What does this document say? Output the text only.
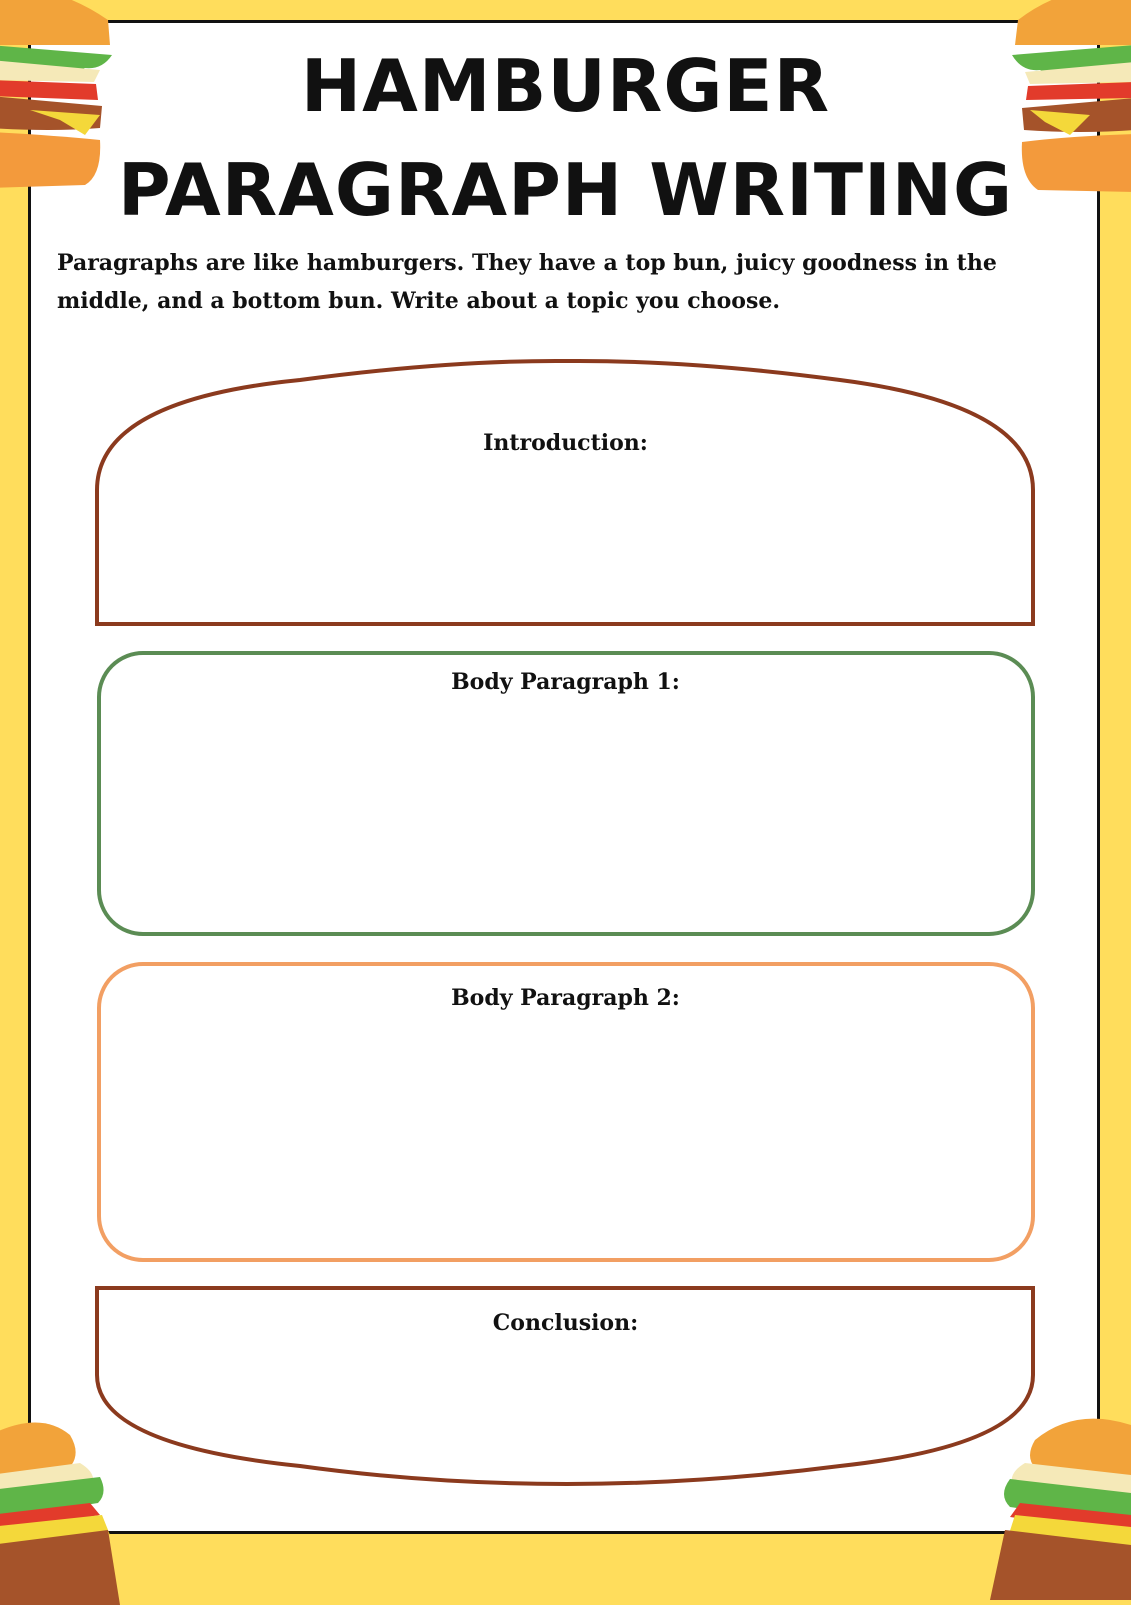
HAMBURGER
PARAGRAPH WRITING
Paragraphs are like hamburgers. They have a top bun, juicy goodness in the middle, and a bottom bun. Write about a topic you choose.
Introduction:
Body Paragraph 1:
Body Paragraph 2:
Conclusion:
